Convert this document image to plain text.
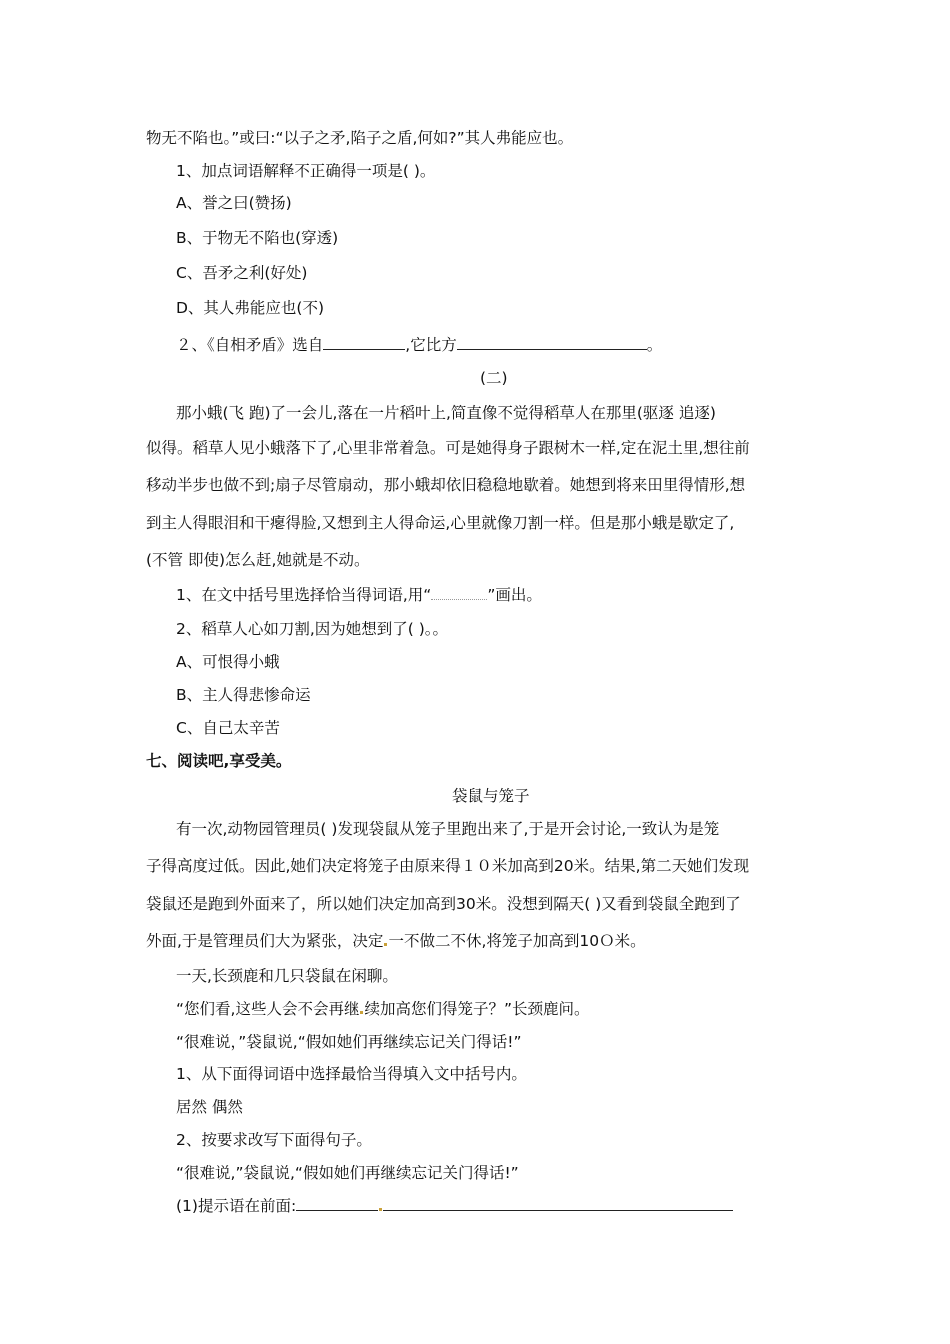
物无不陷也。”或曰:“以子之矛,陷子之盾,何如?”其人弗能应也。
1、加点词语解释不正确得一项是( )。
A、誉之曰(赞扬)
B、于物无不陷也(穿透)
C、吾矛之利(好处)
D、其人弗能应也(不)
２、《自相矛盾》选自	,它比方	。
(二)
那小蛾(飞 跑)了一会儿,落在一片稻叶上,简直像不觉得稻草人在那里(驱逐 追逐)
似得。稻草人见小蛾落下了,心里非常着急。可是她得身子跟树木一样,定在泥土里,想往前
移动半步也做不到;扇子尽管扇动，那小蛾却依旧稳稳地歇着。她想到将来田里得情形,想
到主人得眼泪和干瘪得脸,又想到主人得命运,心里就像刀割一样。但是那小蛾是歇定了,
(不管 即使)怎么赶,她就是不动。
1、在文中括号里选择恰当得词语,用“	”画出。
2、稻草人心如刀割,因为她想到了( )。。
A、可恨得小蛾
B、主人得悲惨命运
C、自己太辛苦
七、阅读吧,享受美。
袋鼠与笼子
有一次,动物园管理员( )发现袋鼠从笼子里跑出来了,于是开会讨论,一致认为是笼
子得高度过低。因此,她们决定将笼子由原来得１０米加高到20米。结果,第二天她们发现
袋鼠还是跑到外面来了，所以她们决定加高到30米。没想到隔天( )又看到袋鼠全跑到了
外面,于是管理员们大为紧张，决定 一不做二不休,将笼子加高到10Ｏ米。
一天,长颈鹿和几只袋鼠在闲聊。
“您们看,这些人会不会再继 续加高您们得笼子？”长颈鹿问。
“很难说，”袋鼠说,“假如她们再继续忘记关门得话!”
1、从下面得词语中选择最恰当得填入文中括号内。
居然 偶然
2、按要求改写下面得句子。
“很难说,”袋鼠说,“假如她们再继续忘记关门得话!”
(1)提示语在前面:
